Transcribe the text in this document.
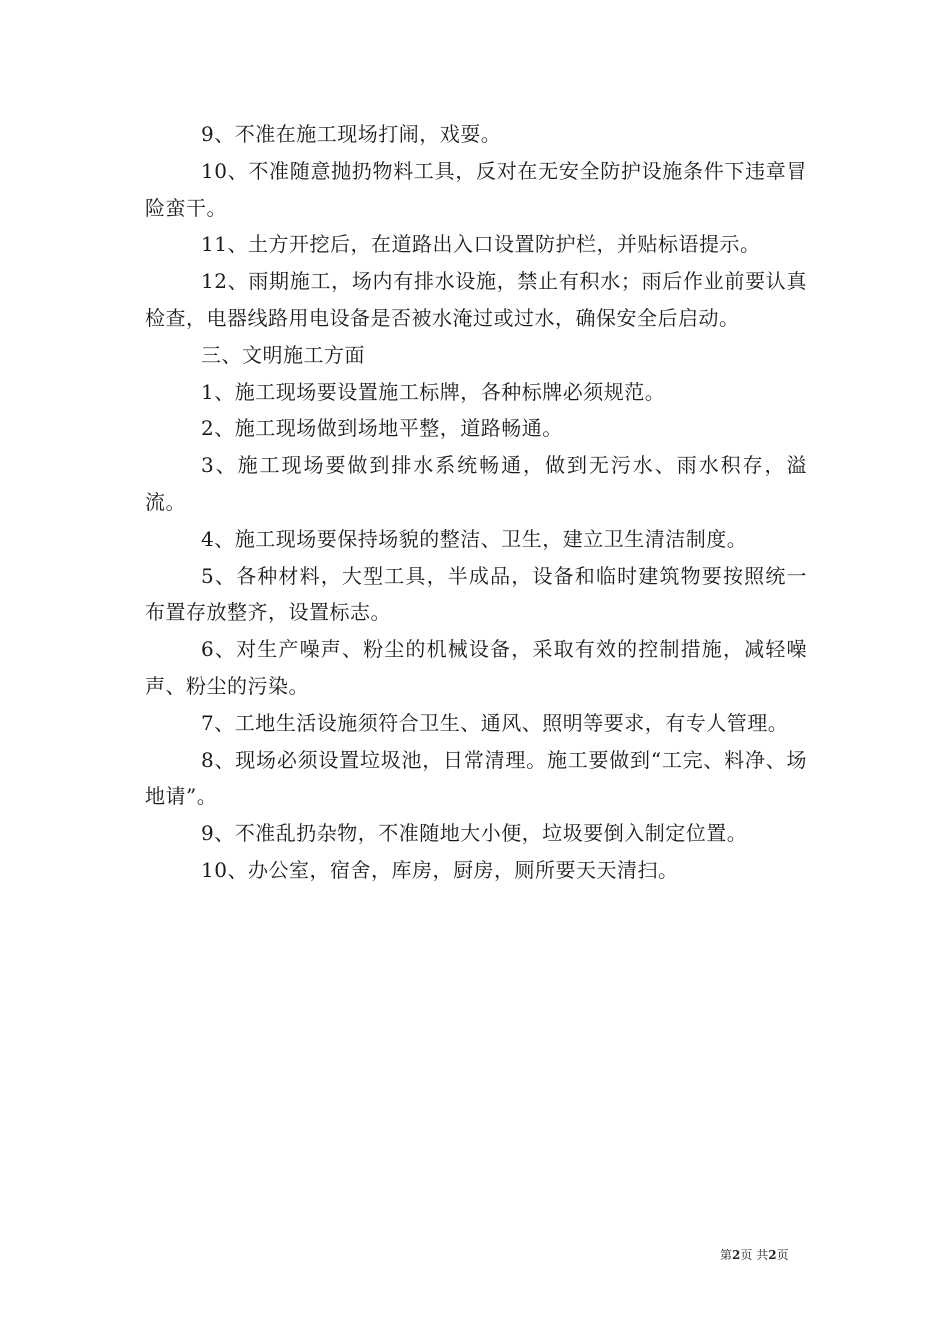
9、不准在施工现场打闹，戏耍。

10、不准随意抛扔物料工具，反对在无安全防护设施条件下违章冒险蛮干。

11、土方开挖后，在道路出入口设置防护栏，并贴标语提示。

12、雨期施工，场内有排水设施，禁止有积水；雨后作业前要认真检查，电器线路用电设备是否被水淹过或过水，确保安全后启动。

三、文明施工方面

1、施工现场要设置施工标牌，各种标牌必须规范。

2、施工现场做到场地平整，道路畅通。

3、施工现场要做到排水系统畅通，做到无污水、雨水积存，溢流。

4、施工现场要保持场貌的整洁、卫生，建立卫生清洁制度。

5、各种材料，大型工具，半成品，设备和临时建筑物要按照统一布置存放整齐，设置标志。

6、对生产噪声、粉尘的机械设备，采取有效的控制措施，减轻噪声、粉尘的污染。

7、工地生活设施须符合卫生、通风、照明等要求，有专人管理。

8、现场必须设置垃圾池，日常清理。施工要做到“工完、料净、场地请”。

9、不准乱扔杂物，不准随地大小便，垃圾要倒入制定位置。

10、办公室，宿舍，库房，厨房，厕所要天天清扫。

第2页 共2页
